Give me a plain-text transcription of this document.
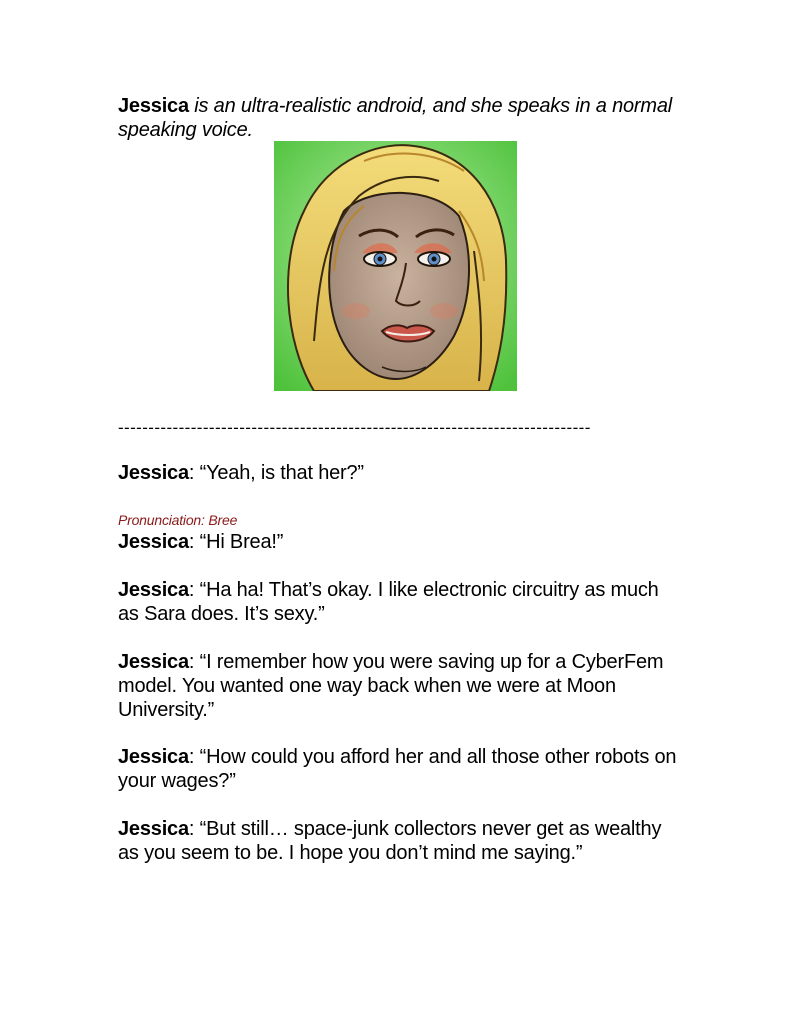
Jessica is an ultra-realistic android, and she speaks in a normal speaking voice.
------------------------------------------------------------------------------
Jessica: “Yeah, is that her?”
Pronunciation: Bree
Jessica: “Hi Brea!”
Jessica: “Ha ha! That’s okay. I like electronic circuitry as much as Sara does. It’s sexy.”
Jessica: “I remember how you were saving up for a CyberFem model. You wanted one way back when we were at Moon University.”
Jessica: “How could you afford her and all those other robots on your wages?”
Jessica: “But still… space-junk collectors never get as wealthy as you seem to be. I hope you don’t mind me saying.”
